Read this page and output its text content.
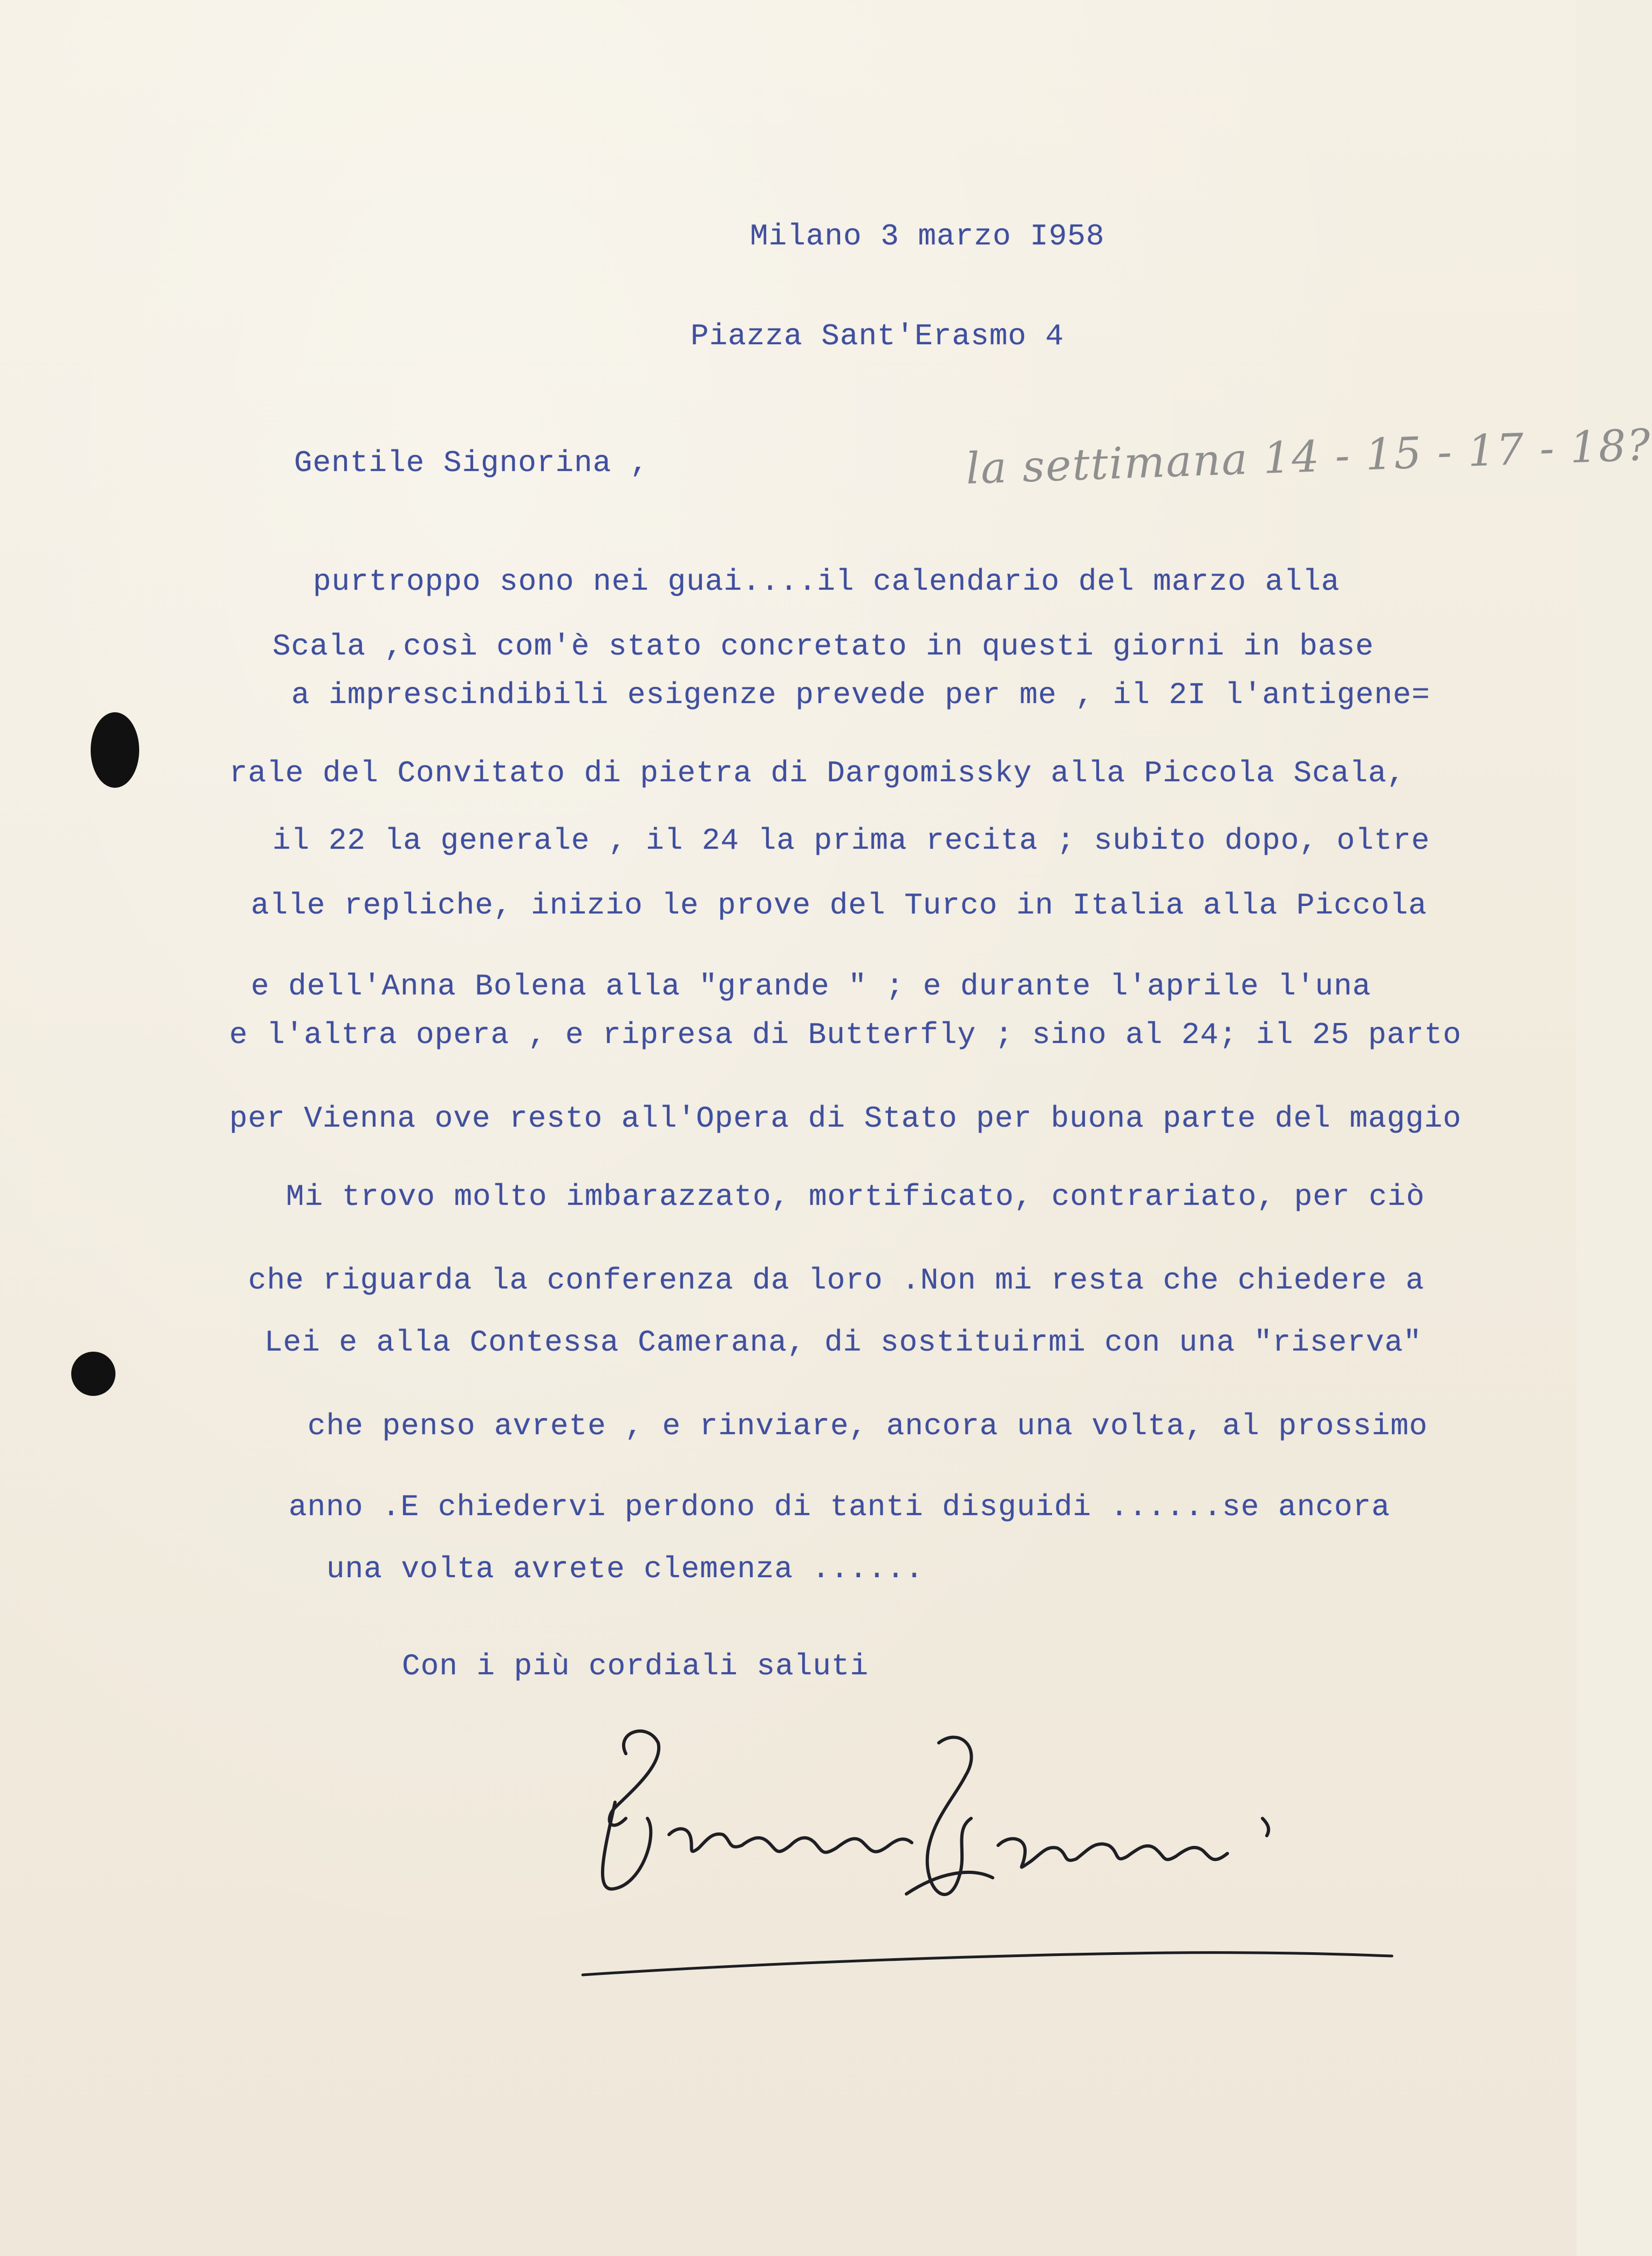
Milano 3 marzo I958
Piazza Sant'Erasmo 4
Gentile Signorina ,	la settimana 14 - 15 - 17 - 18?
purtroppo sono nei guai....il calendario del marzo alla
Scala ,così com'è stato concretato in questi giorni in base
a imprescindibili esigenze prevede per me , il 2I l'antigene=
rale del Convitato di pietra di Dargomissky alla Piccola Scala,
il 22 la generale , il 24 la prima recita ; subito dopo, oltre
alle repliche, inizio le prove del Turco in Italia alla Piccola
e dell'Anna Bolena alla "grande " ; e durante l'aprile l'una
e l'altra opera , e ripresa di Butterfly ; sino al 24; il 25 parto
per Vienna ove resto all'Opera di Stato per buona parte del maggio
Mi trovo molto imbarazzato, mortificato, contrariato, per ciò
che riguarda la conferenza da loro .Non mi resta che chiedere a
Lei e alla Contessa Camerana, di sostituirmi con una "riserva"
che penso avrete , e rinviare, ancora una volta, al prossimo
anno .E chiedervi perdono di tanti disguidi ......se ancora
una volta avrete clemenza ......
Con i più cordiali saluti
